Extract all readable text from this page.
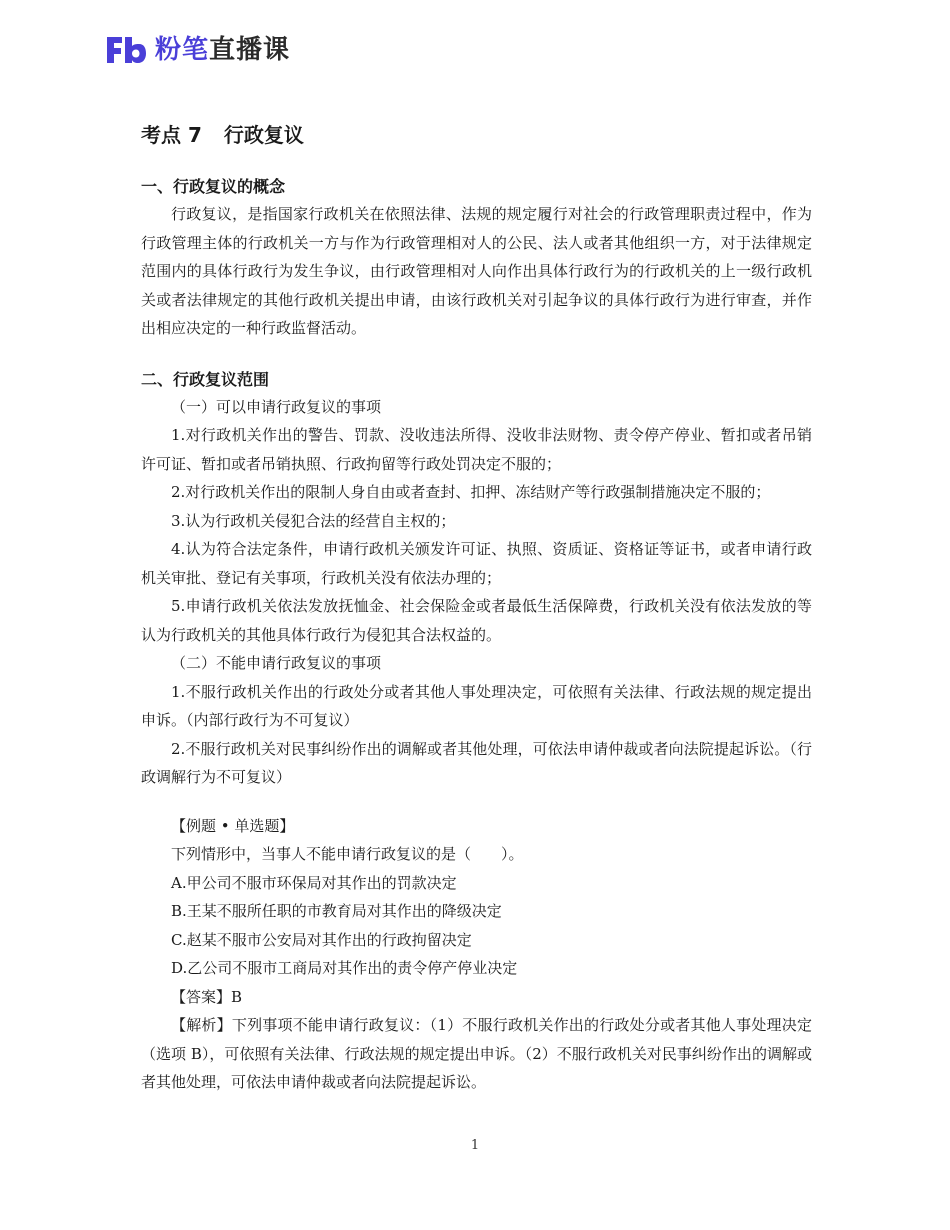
粉笔直播课
考点 7 行政复议
一、行政复议的概念

行政复议，是指国家行政机关在依照法律、法规的规定履行对社会的行政管理职责过程中，作为行政管理主体的行政机关一方与作为行政管理相对人的公民、法人或者其他组织一方，对于法律规定范围内的具体行政行为发生争议，由行政管理相对人向作出具体行政行为的行政机关的上一级行政机关或者法律规定的其他行政机关提出申请，由该行政机关对引起争议的具体行政行为进行审查，并作出相应决定的一种行政监督活动。

二、行政复议范围

（一）可以申请行政复议的事项

1.对行政机关作出的警告、罚款、没收违法所得、没收非法财物、责令停产停业、暂扣或者吊销许可证、暂扣或者吊销执照、行政拘留等行政处罚决定不服的；

2.对行政机关作出的限制人身自由或者查封、扣押、冻结财产等行政强制措施决定不服的；

3.认为行政机关侵犯合法的经营自主权的；

4.认为符合法定条件，申请行政机关颁发许可证、执照、资质证、资格证等证书，或者申请行政机关审批、登记有关事项，行政机关没有依法办理的；

5.申请行政机关依法发放抚恤金、社会保险金或者最低生活保障费，行政机关没有依法发放的等认为行政机关的其他具体行政行为侵犯其合法权益的。

（二）不能申请行政复议的事项

1.不服行政机关作出的行政处分或者其他人事处理决定，可依照有关法律、行政法规的规定提出申诉。（内部行政行为不可复议）

2.不服行政机关对民事纠纷作出的调解或者其他处理，可依法申请仲裁或者向法院提起诉讼。（行政调解行为不可复议）

【例题 • 单选题】

下列情形中，当事人不能申请行政复议的是（　　）。

A.甲公司不服市环保局对其作出的罚款决定

B.王某不服所任职的市教育局对其作出的降级决定

C.赵某不服市公安局对其作出的行政拘留决定

D.乙公司不服市工商局对其作出的责令停产停业决定

【答案】B

【解析】下列事项不能申请行政复议：（1）不服行政机关作出的行政处分或者其他人事处理决定（选项 B），可依照有关法律、行政法规的规定提出申诉。（2）不服行政机关对民事纠纷作出的调解或者其他处理，可依法申请仲裁或者向法院提起诉讼。

1
